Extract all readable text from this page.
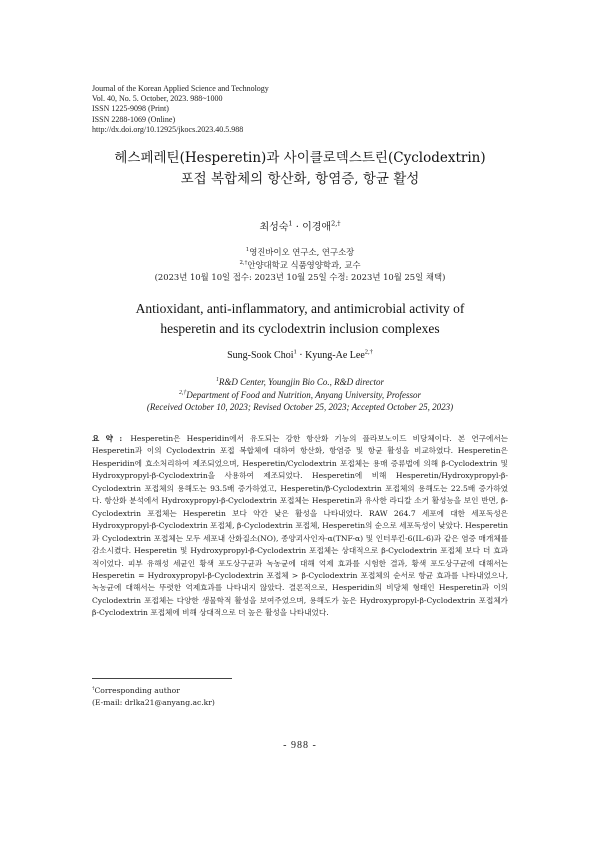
Journal of the Korean Applied Science and Technology
Vol. 40, No. 5. October, 2023. 988~1000
ISSN 1225-9098 (Print)
ISSN 2288-1069 (Online)
http://dx.doi.org/10.12925/jkocs.2023.40.5.988
헤스페레틴(Hesperetin)과 사이클로덱스트린(Cyclodextrin)
포접 복합체의 항산화, 항염증, 항균 활성
최성숙$^1$ · 이경애$^{2,\dagger}$
$^1$영진바이오 연구소, 연구소장
$^{2,\dagger}$안양대학교 식품영양학과, 교수
(2023년 10월 10일 접수: 2023년 10월 25일 수정: 2023년 10월 25일 채택)
Antioxidant, anti-inflammatory, and antimicrobial activity of
hesperetin and its cyclodextrin inclusion complexes
Sung-Sook Choi$^1$ · Kyung-Ae Lee$^{2,\dagger}$
$^1$R&D Center, Youngjin Bio Co., R&D director
$^{2,\dagger}$Department of Food and Nutrition, Anyang University, Professor
(Received October 10, 2023; Revised October 25, 2023; Accepted October 25, 2023)
요 약 : Hesperetin은 Hesperidin에서 유도되는 강한 항산화 기능의 플라보노이드 비당체이다. 본 연구에서는 Hesperetin과 이의 Cyclodextrin 포접 복합체에 대하여 항산화, 항염증 및 항균 활성을 비교하였다. Hesperetin은 Hesperidin에 효소처리하여 제조되었으며, Hesperetin/Cyclodextrin 포접체는 용매 증류법에 의해 β-Cyclodextrin 및 Hydroxypropyl-β-Cyclodextrin을 사용하여 제조되었다. Hesperetin에 비해 Hesperetin/Hydroxypropyl-β-Cyclodextrin 포접체의 용해도는 93.5배 증가하였고, Hesperetin/β-Cyclodextrin 포접체의 용해도는 22.5배 증가하였다. 항산화 분석에서 Hydroxypropyl-β-Cyclodextrin 포접체는 Hesperetin과 유사한 라디칼 소거 활성능을 보인 반면, β-Cyclodextrin 포접체는 Hesperetin 보다 약간 낮은 활성을 나타내었다. RAW 264.7 세포에 대한 세포독성은 Hydroxypropyl-β-Cyclodextrin 포접체, β-Cyclodextrin 포접체, Hesperetin의 순으로 세포독성이 낮았다. Hesperetin과 Cyclodextrin 포접체는 모두 세포내 산화질소(NO), 종양괴사인자-α(TNF-α) 및 인터루킨-6(IL-6)과 같은 염증 매개체를 감소시켰다. Hesperetin 및 Hydroxypropyl-β-Cyclodextrin 포접체는 상대적으로 β-Cyclodextrin 포접체 보다 더 효과적이었다. 피부 유해성 세균인 황색 포도상구균과 녹농균에 대해 억제 효과를 시험한 결과, 황색 포도상구균에 대해서는 Hesperetin = Hydroxypropyl-β-Cyclodextrin 포접체 > β-Cyclodextrin 포접체의 순서로 항균 효과를 나타내었으나, 녹농균에 대해서는 뚜렷한 억제효과를 나타내지 않았다. 결론적으로, Hesperidin의 비당체 형태인 Hesperetin과 이의 Cyclodextrin 포접체는 다양한 생물학적 활성을 보여주었으며, 용해도가 높은 Hydroxypropyl-β-Cyclodextrin 포접체가 β-Cyclodextrin 포접체에 비해 상대적으로 더 높은 활성을 나타내었다.
†Corresponding author
(E-mail: drlka21@anyang.ac.kr)
- 988 -
